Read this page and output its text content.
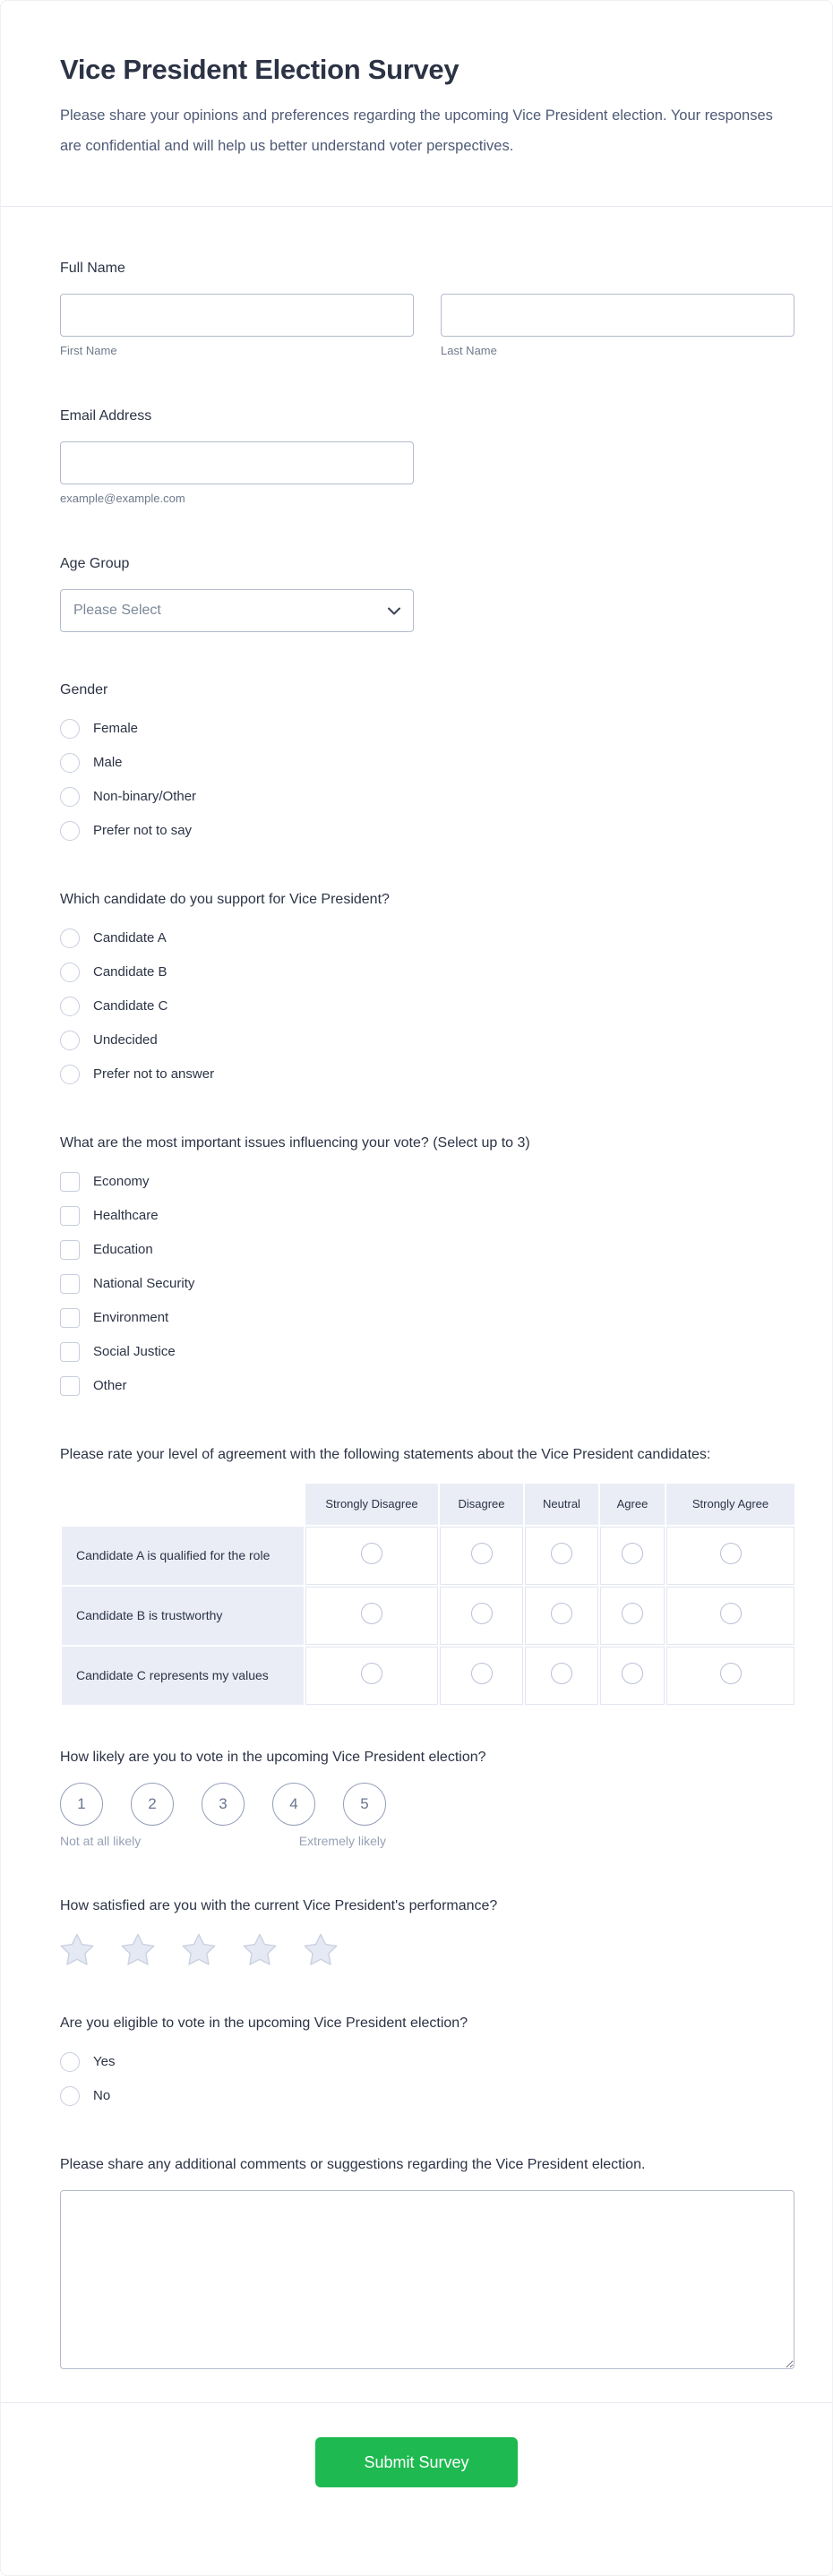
Vice President Election Survey

Please share your opinions and preferences regarding the upcoming Vice President election. Your responses are confidential and will help us better understand voter perspectives.

Full Name
First Name	Last Name
Email Address
example@example.com
Age Group
Please Select
Gender
Female
Male
Non-binary/Other
Prefer not to say
Which candidate do you support for Vice President?
Candidate A
Candidate B
Candidate C
Undecided
Prefer not to answer
What are the most important issues influencing your vote? (Select up to 3)
Economy
Healthcare
Education
National Security
Environment
Social Justice
Other
Please rate your level of agreement with the following statements about the Vice President candidates:
	Strongly Disagree	Disagree	Neutral	Agree	Strongly Agree
Candidate A is qualified for the role					
Candidate B is trustworthy					
Candidate C represents my values					
How likely are you to vote in the upcoming Vice President election?
1	2	3	4	5
Not at all likely	Extremely likely
How satisfied are you with the current Vice President's performance?
Are you eligible to vote in the upcoming Vice President election?
Yes
No
Please share any additional comments or suggestions regarding the Vice President election.
Submit Survey
